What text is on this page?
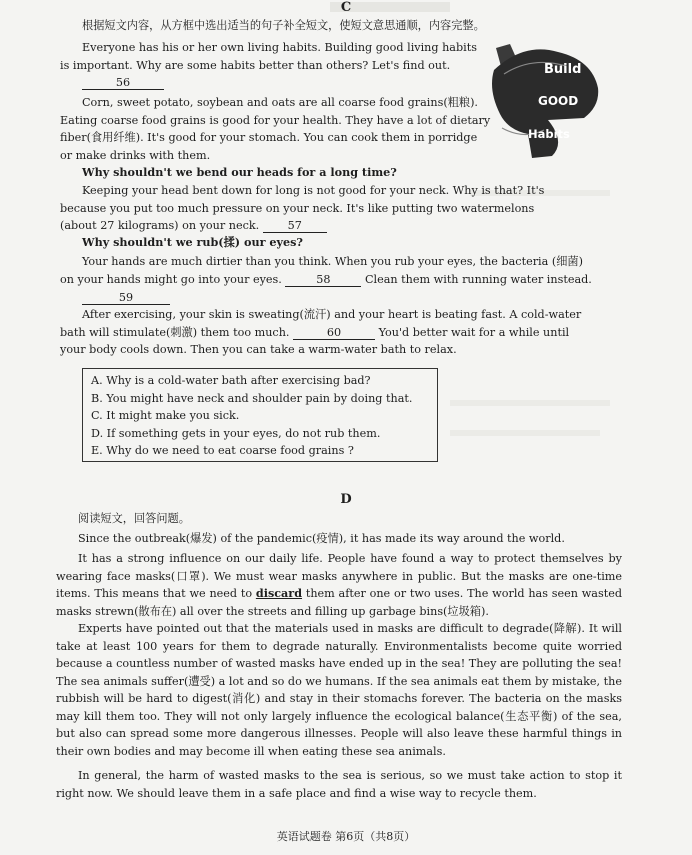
C
根据短文内容，从方框中选出适当的句子补全短文，使短文意思通顺，内容完整。
Everyone has his or her own living habits. Building good living habits is important. Why are some habits better than others? Let's find out.
56
Corn, sweet potato, soybean and oats are all coarse food grains(粗粮). Eating coarse food grains is good for your health. They have a lot of dietary fiber(食用纤维). It's good for your stomach. You can cook them in porridge or make drinks with them.
Build
GOOD
Habits
Why shouldn't we bend our heads for a long time?
Keeping your head bent down for long is not good for your neck. Why is that? It's because you put too much pressure on your neck. It's like putting two watermelons (about 27 kilograms) on your neck.	57
Why shouldn't we rub(揉) our eyes?
Your hands are much dirtier than you think. When you rub your eyes, the bacteria (细菌) on your hands might go into your eyes.	58	Clean them with running water instead.
59
After exercising, your skin is sweating(流汗) and your heart is beating fast. A cold-water bath will stimulate(刺激) them too much.	60	You'd better wait for a while until your body cools down. Then you can take a warm-water bath to relax.
A. Why is a cold-water bath after exercising bad?
B. You might have neck and shoulder pain by doing that.
C. It might make you sick.
D. If something gets in your eyes, do not rub them.
E. Why do we need to eat coarse food grains ?
D
阅读短文，回答问题。
Since the outbreak(爆发) of the pandemic(疫情), it has made its way around the world.
It has a strong influence on our daily life. People have found a way to protect themselves by wearing face masks(口罩). We must wear masks anywhere in public. But the masks are one-time items. This means that we need to discard them after one or two uses. The world has seen wasted masks strewn(散布在) all over the streets and filling up garbage bins(垃圾箱).
Experts have pointed out that the materials used in masks are difficult to degrade(降解). It will take at least 100 years for them to degrade naturally. Environmentalists become quite worried because a countless number of wasted masks have ended up in the sea! They are polluting the sea! The sea animals suffer(遭受) a lot and so do we humans. If the sea animals eat them by mistake, the rubbish will be hard to digest(消化) and stay in their stomachs forever. The bacteria on the masks may kill them too. They will not only largely influence the ecological balance(生态平衡) of the sea, but also can spread some more dangerous illnesses. People will also leave these harmful things in their own bodies and may become ill when eating these sea animals.
In general, the harm of wasted masks to the sea is serious, so we must take action to stop it right now. We should leave them in a safe place and find a wise way to recycle them.
英语试题卷 第6页（共8页）
